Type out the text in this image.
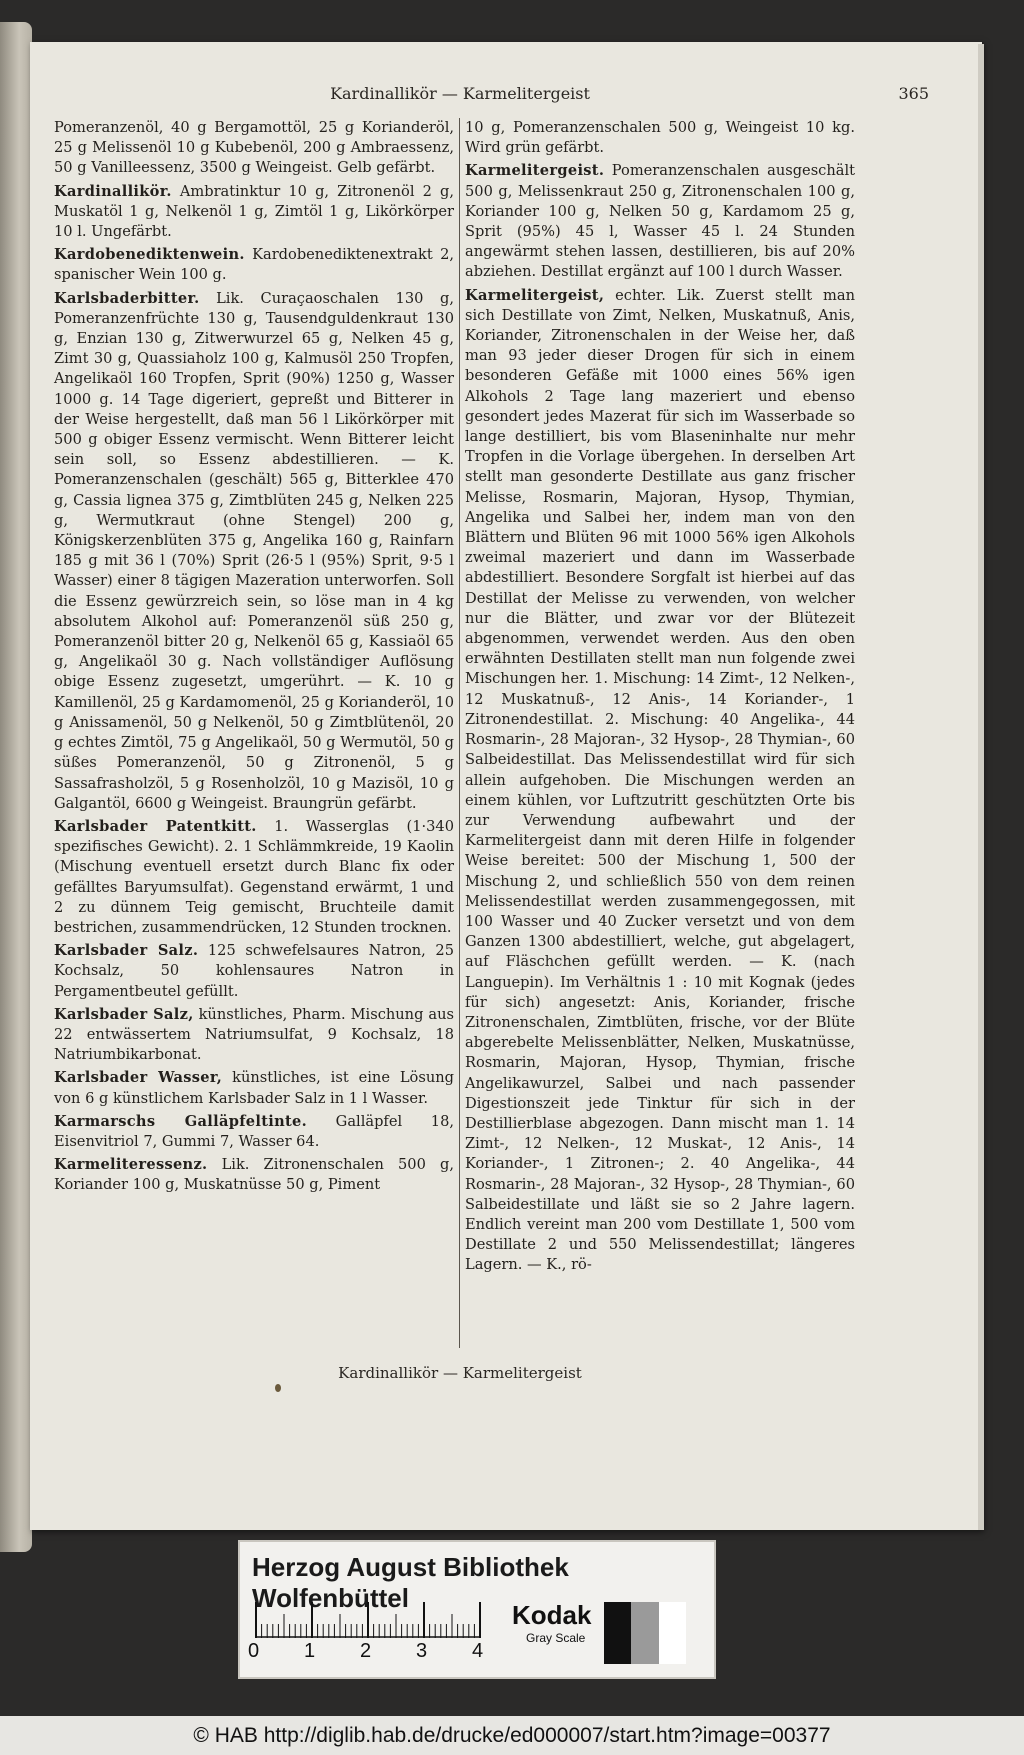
Kardinallikör — Karmelitergeist	365

Pomeranzenöl, 40 g Bergamottöl, 25 g Korianderöl, 25 g Melissenöl 10 g Kubebenöl, 200 g Ambraessenz, 50 g Vanilleessenz, 3500 g Weingeist. Gelb gefärbt.

Kardinallikör. Ambratinktur 10 g, Zitronenöl 2 g, Muskatöl 1 g, Nelkenöl 1 g, Zimtöl 1 g, Likörkörper 10 l. Ungefärbt.

Kardobenediktenwein. Kardobenediktenextrakt 2, spanischer Wein 100 g.

Karlsbaderbitter. Lik. Curaçaoschalen 130 g, Pomeranzenfrüchte 130 g, Tausendguldenkraut 130 g, Enzian 130 g, Zitwerwurzel 65 g, Nelken 45 g, Zimt 30 g, Quassiaholz 100 g, Kalmusöl 250 Tropfen, Angelikaöl 160 Tropfen, Sprit (90%) 1250 g, Wasser 1000 g. 14 Tage digeriert, gepreßt und Bitterer in der Weise hergestellt, daß man 56 l Likörkörper mit 500 g obiger Essenz vermischt. Wenn Bitterer leicht sein soll, so Essenz abdestillieren. — K. Pomeranzenschalen (geschält) 565 g, Bitterklee 470 g, Cassia lignea 375 g, Zimtblüten 245 g, Nelken 225 g, Wermutkraut (ohne Stengel) 200 g, Königskerzenblüten 375 g, Angelika 160 g, Rainfarn 185 g mit 36 l (70%) Sprit (26·5 l (95%) Sprit, 9·5 l Wasser) einer 8 tägigen Mazeration unterworfen. Soll die Essenz gewürzreich sein, so löse man in 4 kg absolutem Alkohol auf: Pomeranzenöl süß 250 g, Pomeranzenöl bitter 20 g, Nelkenöl 65 g, Kassiaöl 65 g, Angelikaöl 30 g. Nach vollständiger Auflösung obige Essenz zugesetzt, umgerührt. — K. 10 g Kamillenöl, 25 g Kardamomenöl, 25 g Korianderöl, 10 g Anissamenöl, 50 g Nelkenöl, 50 g Zimtblütenöl, 20 g echtes Zimtöl, 75 g Angelikaöl, 50 g Wermutöl, 50 g süßes Pomeranzenöl, 50 g Zitronenöl, 5 g Sassafrasholzöl, 5 g Rosenholzöl, 10 g Mazisöl, 10 g Galgantöl, 6600 g Weingeist. Braungrün gefärbt.

Karlsbader Patentkitt. 1. Wasserglas (1·340 spezifisches Gewicht). 2. 1 Schlämmkreide, 19 Kaolin (Mischung eventuell ersetzt durch Blanc fix oder gefälltes Baryumsulfat). Gegenstand erwärmt, 1 und 2 zu dünnem Teig gemischt, Bruchteile damit bestrichen, zusammendrücken, 12 Stunden trocknen.

Karlsbader Salz. 125 schwefelsaures Natron, 25 Kochsalz, 50 kohlensaures Natron in Pergamentbeutel gefüllt.

Karlsbader Salz, künstliches, Pharm. Mischung aus 22 entwässertem Natriumsulfat, 9 Kochsalz, 18 Natriumbikarbonat.

Karlsbader Wasser, künstliches, ist eine Lösung von 6 g künstlichem Karlsbader Salz in 1 l Wasser.

Karmarschs Galläpfeltinte. Galläpfel 18, Eisenvitriol 7, Gummi 7, Wasser 64.

Karmeliteressenz. Lik. Zitronenschalen 500 g, Koriander 100 g, Muskatnüsse 50 g, Piment

10 g, Pomeranzenschalen 500 g, Weingeist 10 kg. Wird grün gefärbt.

Karmelitergeist. Pomeranzenschalen ausgeschält 500 g, Melissenkraut 250 g, Zitronenschalen 100 g, Koriander 100 g, Nelken 50 g, Kardamom 25 g, Sprit (95%) 45 l, Wasser 45 l. 24 Stunden angewärmt stehen lassen, destillieren, bis auf 20% abziehen. Destillat ergänzt auf 100 l durch Wasser.

Karmelitergeist, echter. Lik. Zuerst stellt man sich Destillate von Zimt, Nelken, Muskatnuß, Anis, Koriander, Zitronenschalen in der Weise her, daß man 93 jeder dieser Drogen für sich in einem besonderen Gefäße mit 1000 eines 56% igen Alkohols 2 Tage lang mazeriert und ebenso gesondert jedes Mazerat für sich im Wasserbade so lange destilliert, bis vom Blaseninhalte nur mehr Tropfen in die Vorlage übergehen. In derselben Art stellt man gesonderte Destillate aus ganz frischer Melisse, Rosmarin, Majoran, Hysop, Thymian, Angelika und Salbei her, indem man von den Blättern und Blüten 96 mit 1000 56% igen Alkohols zweimal mazeriert und dann im Wasserbade abdestilliert. Besondere Sorgfalt ist hierbei auf das Destillat der Melisse zu verwenden, von welcher nur die Blätter, und zwar vor der Blütezeit abgenommen, verwendet werden. Aus den oben erwähnten Destillaten stellt man nun folgende zwei Mischungen her. 1. Mischung: 14 Zimt-, 12 Nelken-, 12 Muskatnuß-, 12 Anis-, 14 Koriander-, 1 Zitronendestillat. 2. Mischung: 40 Angelika-, 44 Rosmarin-, 28 Majoran-, 32 Hysop-, 28 Thymian-, 60 Salbeidestillat. Das Melissendestillat wird für sich allein aufgehoben. Die Mischungen werden an einem kühlen, vor Luftzutritt geschützten Orte bis zur Verwendung aufbewahrt und der Karmelitergeist dann mit deren Hilfe in folgender Weise bereitet: 500 der Mischung 1, 500 der Mischung 2, und schließlich 550 von dem reinen Melissendestillat werden zusammengegossen, mit 100 Wasser und 40 Zucker versetzt und von dem Ganzen 1300 abdestilliert, welche, gut abgelagert, auf Fläschchen gefüllt werden. — K. (nach Languepin). Im Verhältnis 1 : 10 mit Kognak (jedes für sich) angesetzt: Anis, Koriander, frische Zitronenschalen, Zimtblüten, frische, vor der Blüte abgerebelte Melissenblätter, Nelken, Muskatnüsse, Rosmarin, Majoran, Hysop, Thymian, frische Angelikawurzel, Salbei und nach passender Digestionszeit jede Tinktur für sich in der Destillierblase abgezogen. Dann mischt man 1. 14 Zimt-, 12 Nelken-, 12 Muskat-, 12 Anis-, 14 Koriander-, 1 Zitronen-; 2. 40 Angelika-, 44 Rosmarin-, 28 Majoran-, 32 Hysop-, 28 Thymian-, 60 Salbeidestillate und läßt sie so 2 Jahre lagern. Endlich vereint man 200 vom Destillate 1, 500 vom Destillate 2 und 550 Melissendestillat; längeres Lagern. — K., rö-

Kardinallikör — Karmelitergeist
Herzog August Bibliothek Wolfenbüttel
0 1 2 3 4
Kodak
Gray Scale
© HAB http://diglib.hab.de/drucke/ed000007/start.htm?image=00377
